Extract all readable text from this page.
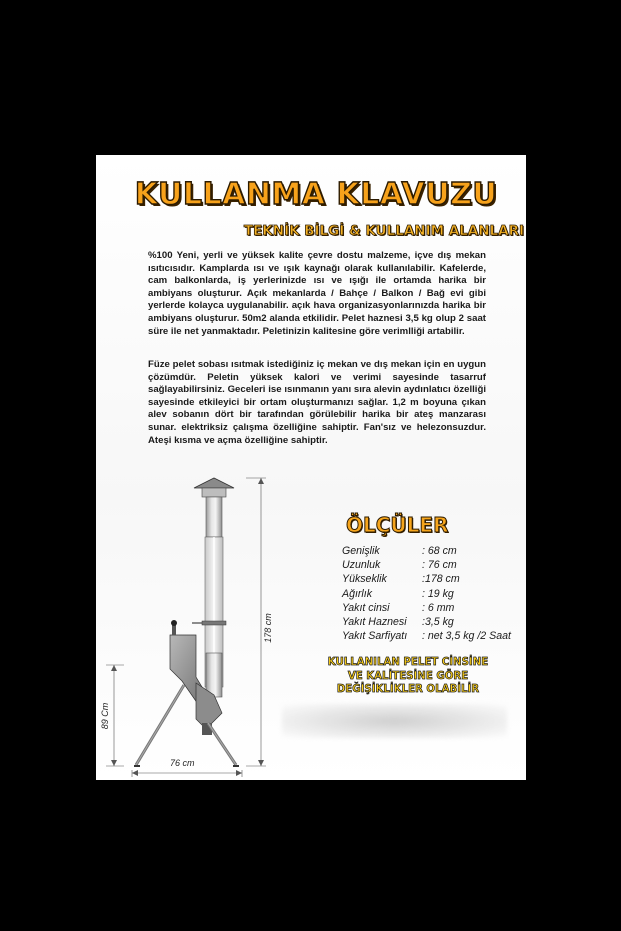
KULLANMA KLAVUZU
TEKNİK BİLGİ & KULLANIM ALANLARI

%100 Yeni, yerli ve yüksek kalite çevre dostu malzeme, içve dış mekan ısıtıcısıdır. Kamplarda ısı ve ışık kaynağı olarak kullanılabilir. Kafelerde, cam balkonlarda, iş yerlerinizde ısı ve ışığı ile ortamda harika bir ambiyans oluşturur. Açık mekanlarda / Bahçe / Balkon / Bağ evi gibi yerlerde kolayca uygulanabilir. açık hava organizasyonlarınızda harika bir ambiyans oluşturur. 50m2 alanda etkilidir. Pelet haznesi 3,5 kg olup 2 saat süre ile net yanmaktadır. Peletinizin kalitesine göre verimlliği artabilir.

Füze pelet sobası ısıtmak istediğiniz iç mekan ve dış mekan için en uygun çözümdür. Peletin yüksek kalori ve verimi sayesinde tasarruf sağlayabilirsiniz. Geceleri ise ısınmanın yanı sıra alevin aydınlatıcı özelliği sayesinde etkileyici bir ortam oluşturmanızı sağlar. 1,2 m boyuna çıkan alev sobanın dört bir tarafından görülebilir harika bir ateş manzarası sunar. elektriksiz çalışma özelliğine sahiptir. Fan'sız ve helezonsuzdur. Ateşi kısma ve açma özelliğine sahiptir.

178 cm
89 Cm
76 cm
ÖLÇÜLER
Genişlik	: 68 cm
Uzunluk	: 76 cm
Yükseklik	:178 cm
Ağırlık	: 19 kg
Yakıt cinsi	: 6 mm
Yakıt Haznesi :3,5 kg
Yakıt Sarfiyatı : net 3,5 kg /2 Saat
KULLANILAN PELET CİNSİNE
VE KALİTESİNE GÖRE
DEĞİŞİKLİKLER OLABİLİR
